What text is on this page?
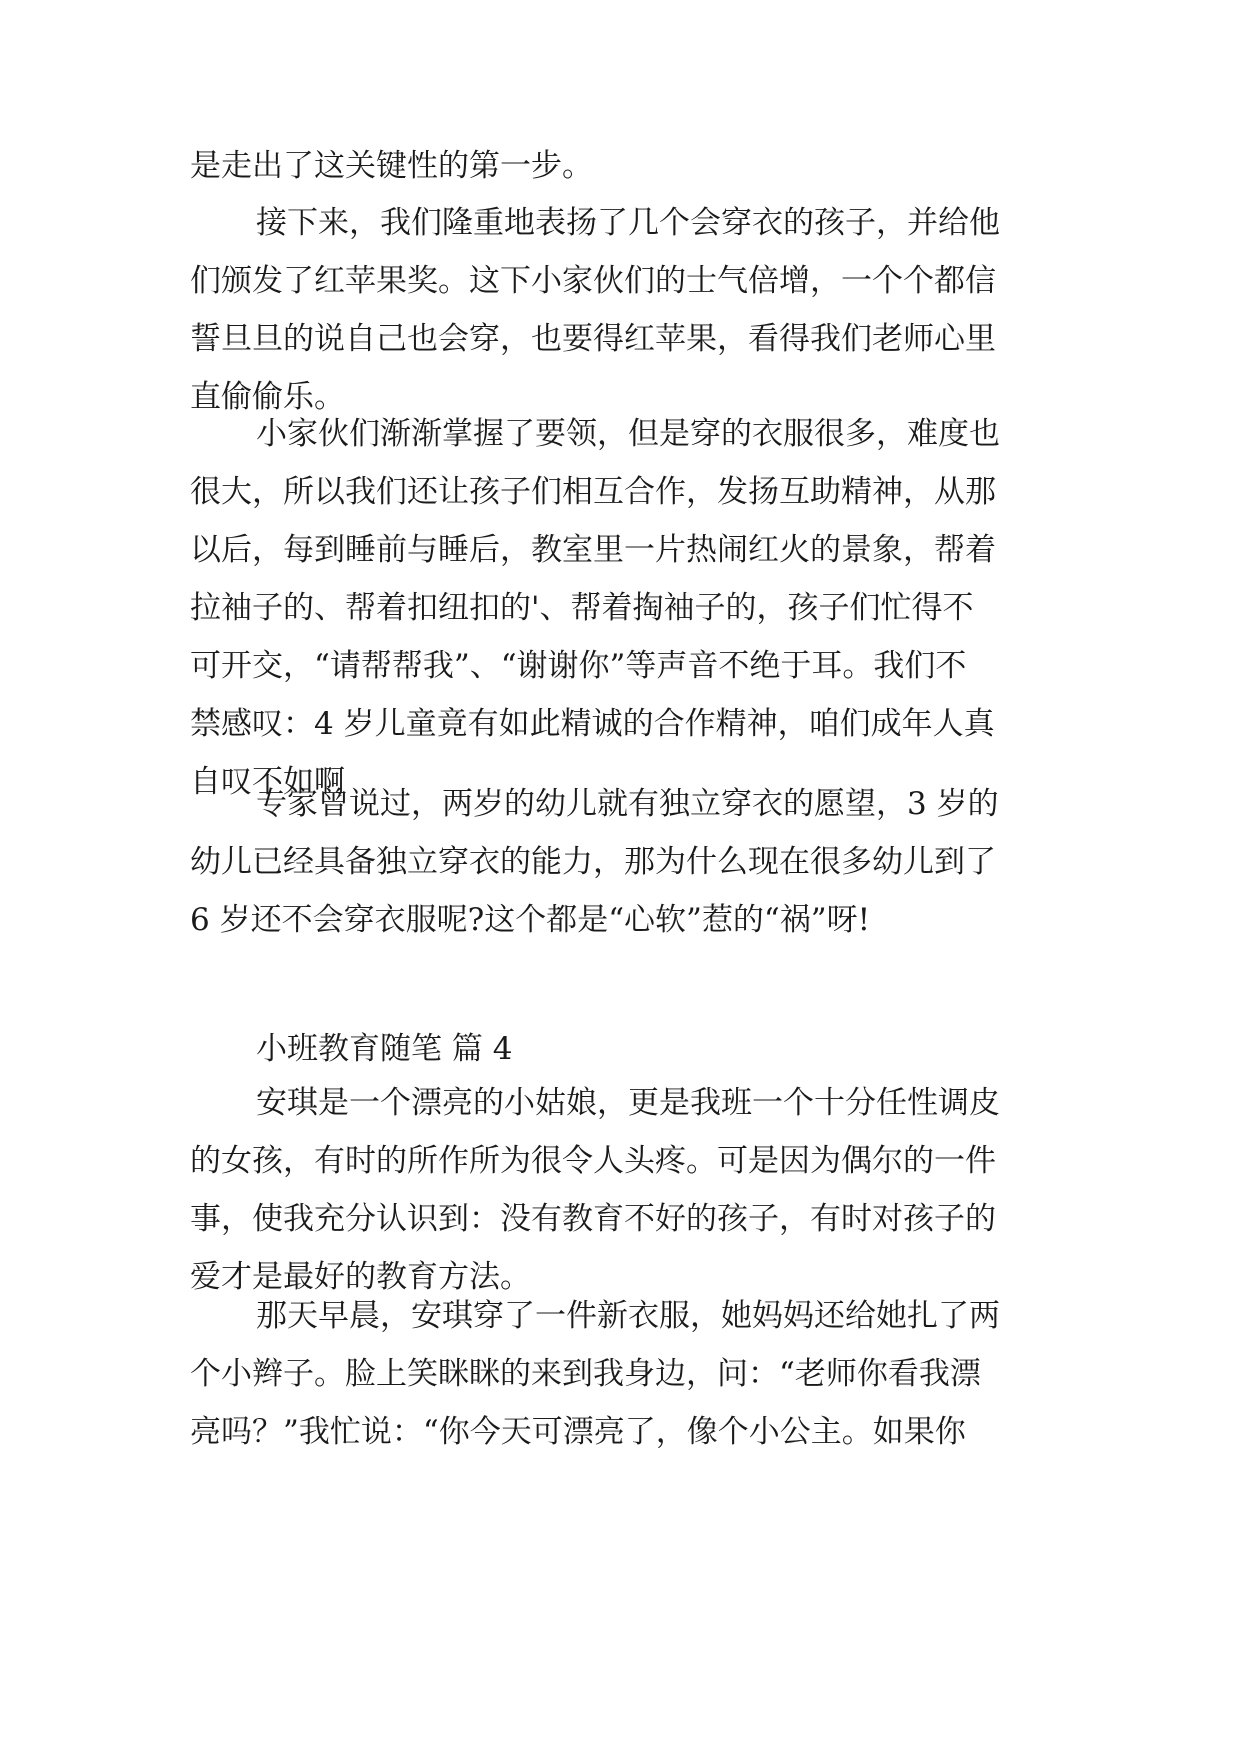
是走出了这关键性的第一步。
接下来，我们隆重地表扬了几个会穿衣的孩子，并给他
们颁发了红苹果奖。这下小家伙们的士气倍增，一个个都信
誓旦旦的说自己也会穿，也要得红苹果，看得我们老师心里
直偷偷乐。
小家伙们渐渐掌握了要领，但是穿的衣服很多，难度也
很大，所以我们还让孩子们相互合作，发扬互助精神，从那
以后，每到睡前与睡后，教室里一片热闹红火的景象，帮着
拉袖子的、帮着扣纽扣的'、帮着掏袖子的，孩子们忙得不
可开交，“请帮帮我”、“谢谢你”等声音不绝于耳。我们不
禁感叹：4 岁儿童竟有如此精诚的合作精神，咱们成年人真
自叹不如啊
专家曾说过，两岁的幼儿就有独立穿衣的愿望，3 岁的
幼儿已经具备独立穿衣的能力，那为什么现在很多幼儿到了
6 岁还不会穿衣服呢?这个都是“心软”惹的“祸”呀!
小班教育随笔 篇 4
安琪是一个漂亮的小姑娘，更是我班一个十分任性调皮
的女孩，有时的所作所为很令人头疼。可是因为偶尔的一件
事，使我充分认识到：没有教育不好的孩子，有时对孩子的
爱才是最好的教育方法。
那天早晨，安琪穿了一件新衣服，她妈妈还给她扎了两
个小辫子。脸上笑眯眯的来到我身边，问：“老师你看我漂
亮吗？”我忙说：“你今天可漂亮了，像个小公主。如果你
